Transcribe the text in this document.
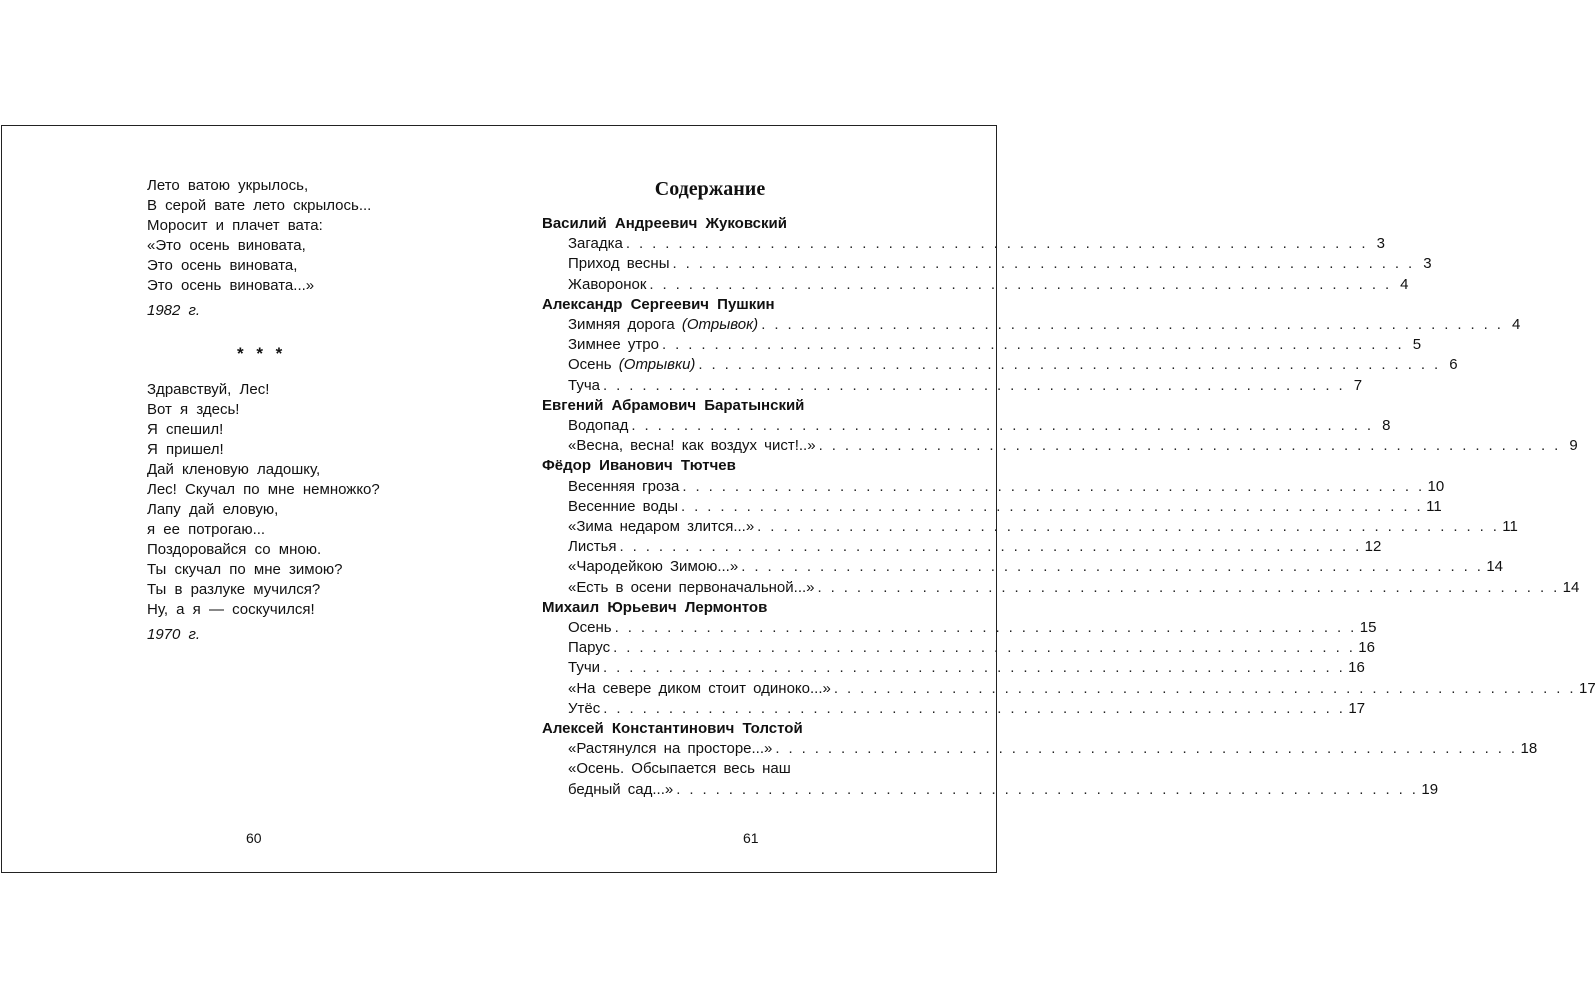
Лето ватою укрылось,
В серой вате лето скрылось...
Моросит и плачет вата:
«Это осень виновата,
Это осень виновата,
Это осень виновата...»
1982 г.
* * *
Здравствуй, Лес!
Вот я здесь!
Я спешил!
Я пришел!
Дай кленовую ладошку,
Лес! Скучал по мне немножко?
Лапу дай еловую,
я ее потрогаю...
Поздоровайся со мною.
Ты скучал по мне зимою?
Ты в разлуке мучился?
Ну, а я — соскучился!
1970 г.
60
Содержание
Василий Андреевич Жуковский
Загадка . . . . . . . . . . . . . . . . . . . . . . . . . . . . . . . . . . . . . . . . . . . . . . . . . . . . . . . . . 3
Приход весны . . . . . . . . . . . . . . . . . . . . . . . . . . . . . . . . . . . . . . . . . . . . . . . . . . . . . . . . . 3
Жаворонок . . . . . . . . . . . . . . . . . . . . . . . . . . . . . . . . . . . . . . . . . . . . . . . . . . . . . . . . . 4
Александр Сергеевич Пушкин
Зимняя дорога (Отрывок) . . . . . . . . . . . . . . . . . . . . . . . . . . . . . . . . . . . . . . . . . . . . . . . . . . . . . . . . . 4
Зимнее утро . . . . . . . . . . . . . . . . . . . . . . . . . . . . . . . . . . . . . . . . . . . . . . . . . . . . . . . . . 5
Осень (Отрывки) . . . . . . . . . . . . . . . . . . . . . . . . . . . . . . . . . . . . . . . . . . . . . . . . . . . . . . . . . 6
Туча . . . . . . . . . . . . . . . . . . . . . . . . . . . . . . . . . . . . . . . . . . . . . . . . . . . . . . . . . 7
Евгений Абрамович Баратынский
Водопад . . . . . . . . . . . . . . . . . . . . . . . . . . . . . . . . . . . . . . . . . . . . . . . . . . . . . . . . . 8
«Весна, весна! как воздух чист!..» . . . . . . . . . . . . . . . . . . . . . . . . . . . . . . . . . . . . . . . . . . . . . . . . . . . . . . . . . 9
Фёдор Иванович Тютчев
Весенняя гроза . . . . . . . . . . . . . . . . . . . . . . . . . . . . . . . . . . . . . . . . . . . . . . . . . . . . . . . . . 10
Весенние воды . . . . . . . . . . . . . . . . . . . . . . . . . . . . . . . . . . . . . . . . . . . . . . . . . . . . . . . . . 11
«Зима недаром злится...» . . . . . . . . . . . . . . . . . . . . . . . . . . . . . . . . . . . . . . . . . . . . . . . . . . . . . . . . . 11
Листья . . . . . . . . . . . . . . . . . . . . . . . . . . . . . . . . . . . . . . . . . . . . . . . . . . . . . . . . . 12
«Чародейкою Зимою...» . . . . . . . . . . . . . . . . . . . . . . . . . . . . . . . . . . . . . . . . . . . . . . . . . . . . . . . . . 14
«Есть в осени первоначальной...» . . . . . . . . . . . . . . . . . . . . . . . . . . . . . . . . . . . . . . . . . . . . . . . . . . . . . . . . . 14
Михаил Юрьевич Лермонтов
Осень . . . . . . . . . . . . . . . . . . . . . . . . . . . . . . . . . . . . . . . . . . . . . . . . . . . . . . . . . 15
Парус . . . . . . . . . . . . . . . . . . . . . . . . . . . . . . . . . . . . . . . . . . . . . . . . . . . . . . . . . 16
Тучи . . . . . . . . . . . . . . . . . . . . . . . . . . . . . . . . . . . . . . . . . . . . . . . . . . . . . . . . . 16
«На севере диком стоит одиноко...» . . . . . . . . . . . . . . . . . . . . . . . . . . . . . . . . . . . . . . . . . . . . . . . . . . . . . . . . . 17
Утёс . . . . . . . . . . . . . . . . . . . . . . . . . . . . . . . . . . . . . . . . . . . . . . . . . . . . . . . . . 17
Алексей Константинович Толстой
«Растянулся на просторе...» . . . . . . . . . . . . . . . . . . . . . . . . . . . . . . . . . . . . . . . . . . . . . . . . . . . . . . . . . 18
«Осень. Обсыпается весь наш
бедный сад...» . . . . . . . . . . . . . . . . . . . . . . . . . . . . . . . . . . . . . . . . . . . . . . . . . . . . . . . . . 19
61
